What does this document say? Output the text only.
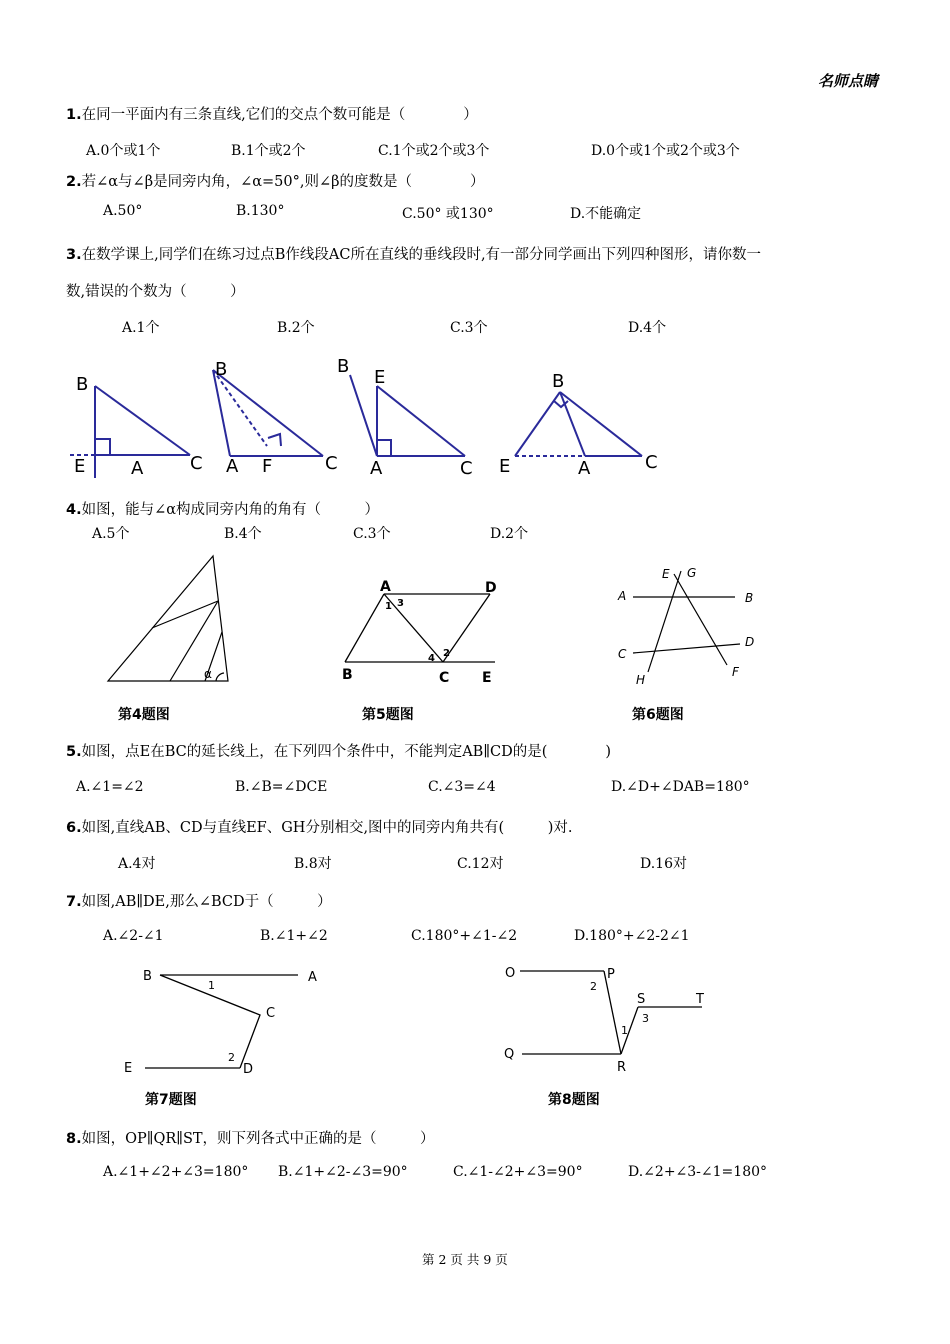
名师点睛
1.在同一平面内有三条直线,它们的交点个数可能是（　　　　）
A.0个或1个	B.1个或2个	C.1个或2个或3个	D.0个或1个或2个或3个
2.若∠α与∠β是同旁内角，∠α=50°,则∠β的度数是（　　　　）
A.50°	B.130°	C.50° 或130°	D.不能确定
3.在数学课上,同学们在练习过点B作线段AC所在直线的垂线段时,有一部分同学画出下列四种图形，请你数一
数,错误的个数为（　　　）
A.1个	B.2个	C.3个	D.4个
B
E	A	C
B
A F	C
B
E
A	C
B
E	A	C
4.如图，能与∠α构成同旁内角的角有（　　　）
A.5个	B.4个	C.3个	D.2个
α
A	D
B	C E
1 3
4 2
E G
A	B
C
D
H
F
第4题图	第5题图	第6题图
5.如图，点E在BC的延长线上，在下列四个条件中，不能判定AB∥CD的是(　　　　)
A.∠1=∠2	B.∠B=∠DCE	C.∠3=∠4	D.∠D+∠DAB=180°
6.如图,直线AB、CD与直线EF、GH分别相交,图中的同旁内角共有(　　　)对.
A.4对	B.8对	C.12对	D.16对
7.如图,AB∥DE,那么∠BCD于（　　　）
A.∠2-∠1	B.∠1+∠2	C.180°+∠1-∠2	D.180°+∠2-2∠1
B	A
1
C
E
2
D
O	P
2
S	T
1
3
Q
R
第7题图	第8题图
8.如图，OP∥QR∥ST，则下列各式中正确的是（　　　）
A.∠1+∠2+∠3=180° B.∠1+∠2-∠3=90°	C.∠1-∠2+∠3=90°	D.∠2+∠3-∠1=180°
第 2 页 共 9 页
